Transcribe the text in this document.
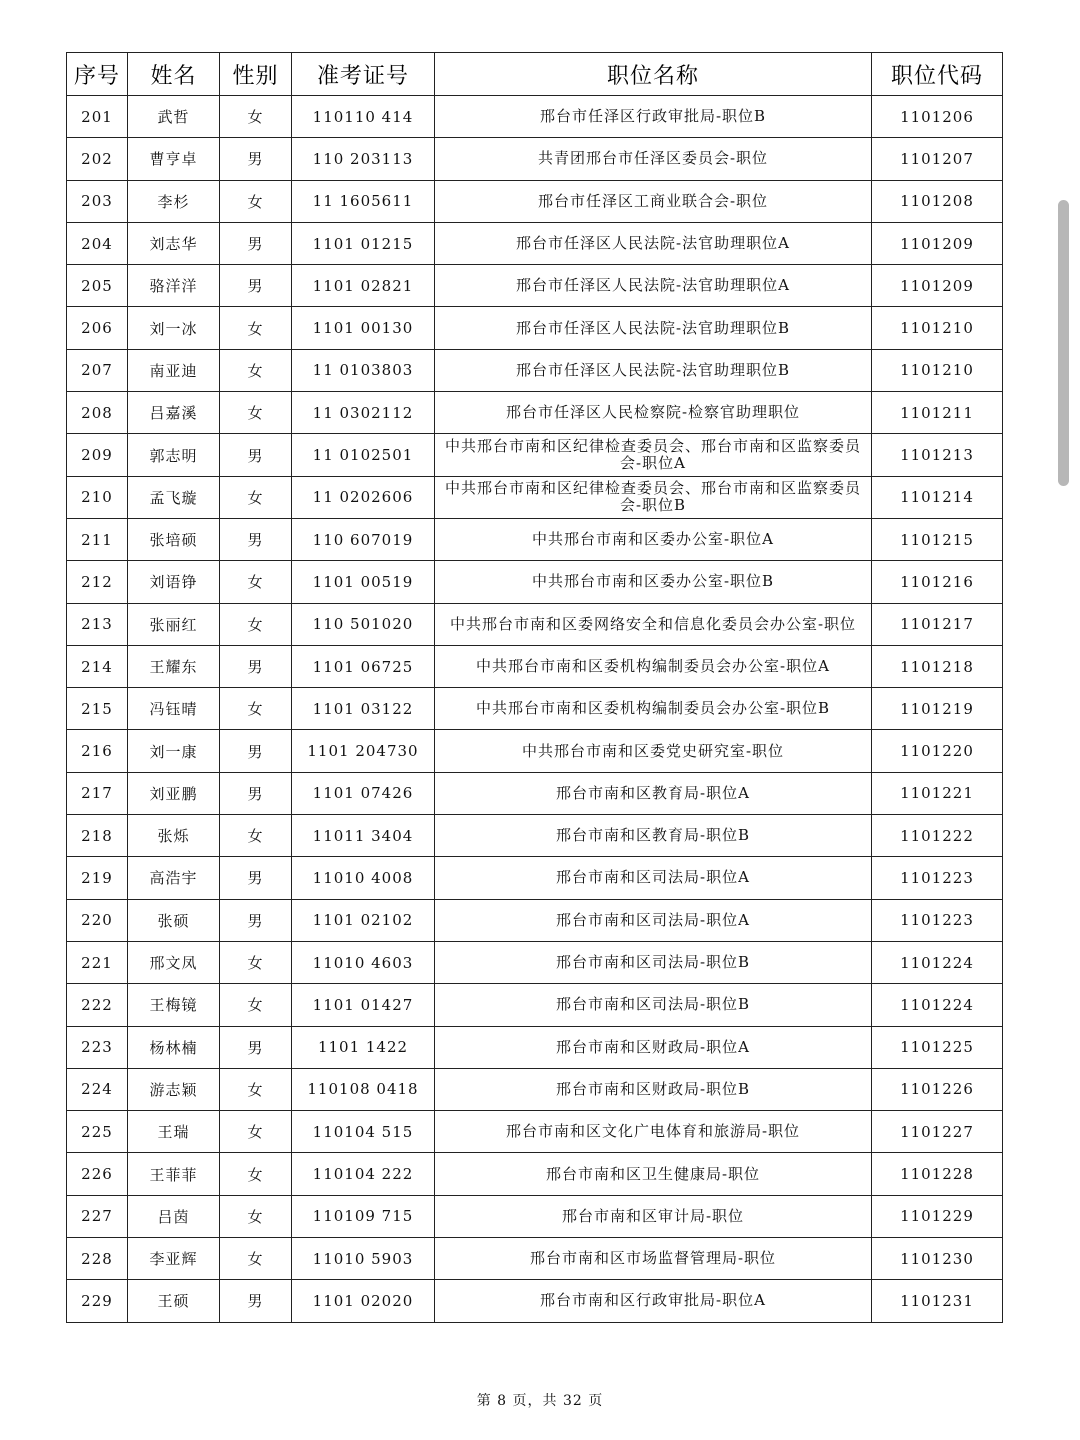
序号	姓名	性别	准考证号	职位名称	职位代码
201	武哲	女	110110 414	邢台市任泽区行政审批局-职位B	1101206
202	曹亨卓	男	110 203113	共青团邢台市任泽区委员会-职位	1101207
203	李杉	女	11 1605611	邢台市任泽区工商业联合会-职位	1101208
204	刘志华	男	1101 01215	邢台市任泽区人民法院-法官助理职位A	1101209
205	骆洋洋	男	1101 02821	邢台市任泽区人民法院-法官助理职位A	1101209
206	刘一冰	女	1101 00130	邢台市任泽区人民法院-法官助理职位B	1101210
207	南亚迪	女	11 0103803	邢台市任泽区人民法院-法官助理职位B	1101210
208	吕嘉溪	女	11 0302112	邢台市任泽区人民检察院-检察官助理职位	1101211
209	郭志明	男	11 0102501	中共邢台市南和区纪律检查委员会、邢台市南和区监察委员会-职位A	1101213
210	孟飞璇	女	11 0202606	中共邢台市南和区纪律检查委员会、邢台市南和区监察委员会-职位B	1101214
211	张培硕	男	110 607019	中共邢台市南和区委办公室-职位A	1101215
212	刘语铮	女	1101 00519	中共邢台市南和区委办公室-职位B	1101216
213	张丽红	女	110 501020	中共邢台市南和区委网络安全和信息化委员会办公室-职位	1101217
214	王耀东	男	1101 06725	中共邢台市南和区委机构编制委员会办公室-职位A	1101218
215	冯钰晴	女	1101 03122	中共邢台市南和区委机构编制委员会办公室-职位B	1101219
216	刘一康	男	1101 204730	中共邢台市南和区委党史研究室-职位	1101220
217	刘亚鹏	男	1101 07426	邢台市南和区教育局-职位A	1101221
218	张烁	女	11011 3404	邢台市南和区教育局-职位B	1101222
219	高浩宇	男	11010 4008	邢台市南和区司法局-职位A	1101223
220	张硕	男	1101 02102	邢台市南和区司法局-职位A	1101223
221	邢文凤	女	11010 4603	邢台市南和区司法局-职位B	1101224
222	王梅镜	女	1101 01427	邢台市南和区司法局-职位B	1101224
223	杨林楠	男	1101 1422	邢台市南和区财政局-职位A	1101225
224	游志颖	女	110108 0418	邢台市南和区财政局-职位B	1101226
225	王瑞	女	110104 515	邢台市南和区文化广电体育和旅游局-职位	1101227
226	王菲菲	女	110104 222	邢台市南和区卫生健康局-职位	1101228
227	吕茵	女	110109 715	邢台市南和区审计局-职位	1101229
228	李亚辉	女	11010 5903	邢台市南和区市场监督管理局-职位	1101230
229	王硕	男	1101 02020	邢台市南和区行政审批局-职位A	1101231
第 8 页，共 32 页
